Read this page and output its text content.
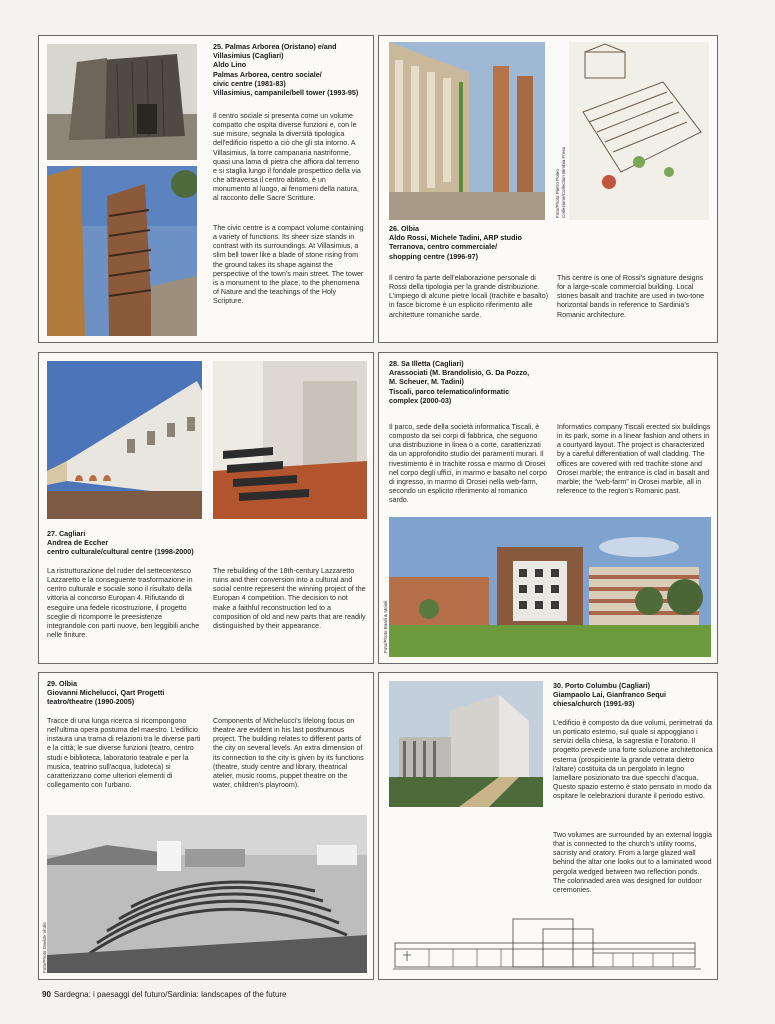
25. Palmas Arborea (Oristano) e/and
Villasimius (Cagliari)
Aldo Lino
Palmas Arborea, centro sociale/
civic centre (1981-83)
Villasimius, campanile/bell tower (1993-95)
Il centro sociale si presenta come un volume compatto che ospita diverse funzioni e, con le sue misure, segnala la diversità tipologica dell'edificio rispetto a ciò che gli sta intorno. A Villasimius, la torre campanaria nastriforme, quasi una lama di pietra che affiora dal terreno e si staglia lungo il fondale prospettico della via che attraversa il centro abitato, è un monumento al luogo, ai fenomeni della natura, al racconto delle Sacre Scritture.
The civic centre is a compact volume containing a variety of functions. Its sheer size stands in contrast with its surroundings. At Villasimius, a slim bell tower like a blade of stone rising from the ground takes its shape against the perspective of the town's main street. The tower is a monument to the place, to the phenomena of Nature and the teachings of the Holy Scripture.
Foto/Photo Pietro Poleo Collezione/Collection Bimbia Fresu
26. Olbia
Aldo Rossi, Michele Tadini, ARP studio
Terranova, centro commerciale/
shopping centre (1996-97)
Il centro fa parte dell'elaborazione personale di Rossi della tipologia per la grande distribuzione. L'impiego di alcune pietre locali (trachite e basalto) in fasce bicrome è un esplicito riferimento alle architetture romaniche sarde.
This centre is one of Rossi's signature designs for a large-scale commercial building. Local stones basalt and trachite are used in two-tone horizontal bands in reference to Sardinia's Romanic architecture.
27. Cagliari
Andrea de Eccher
centro culturale/cultural centre (1998-2000)
La ristrutturazione del ruder del settecentesco Lazzaretto e la conseguente trasformazione in centro culturale e sociale sono il risultato della vittoria al concorso Europan 4. Rifiutando di eseguire una fedele ricostruzione, il progetto sceglie di ricomporre le preesistenze integrandole con parti nuove, ben leggibili anche nelle finiture.
The rebuilding of the 18th-century Lazzaretto ruins and their conversion into a cultural and social centre represent the winning project of the Europan 4 competition. The decision to not make a faithful reconstruction led to a composition of old and new parts that are readily distinguished by their appearance.
28. Sa Illetta (Cagliari)
Arassociati (M. Brandolisio, G. Da Pozzo,
M. Scheuer, M. Tadini)
Tiscali, parco telematico/informatic
complex (2000-03)
Il parco, sede della società informatica Tiscali, è composto da sei corpi di fabbrica, che seguono una distribuzione in linea o a corte, caratterizzati da un approfondito studio dei paramenti murari. Il rivestimento è in trachite rossa e marmo di Orosei nel corpo degli uffici, in marmo e basalto nel corpo di ingresso, in marmo di Orosei nella web-farm, secondo un esplicito riferimento al romanico sardo.
Informatics company Tiscali erected six buildings in its park, some in a linear fashion and others in a courtyard layout. The project is characterized by a careful differentiation of wall cladding. The offices are covered with red trachite stone and Orosei marble; the entrance is clad in basalt and marble; the “web-farm” in Orosei marble, all in reference to the region's Romanic past.
Foto/Photo Basili & Moioli
29. Olbia
Giovanni Michelucci, Qart Progetti
teatro/theatre (1990-2005)
Tracce di una lunga ricerca si ricompongono nell'ultima opera postuma del maestro. L'edificio instaura una trama di relazioni tra le diverse parti e la città; le sue diverse funzioni (teatro, centro studi e biblioteca, laboratorio teatrale e per la musica, teatrino sull'acqua, ludoteca) si caratterizzano come ulteriori elementi di collegamento con l'urbano.
Components of Michelucci's lifelong focus on theatre are evident in his last posthumous project. The building relates to different parts of the city on several levels. An extra dimension of its connection to the city is given by its functions (theatre, study centre and library, theatrical atelier, music rooms, puppet theatre on the water, children's playroom).
Foto/Photo Davide Virdis
30. Porto Columbu (Cagliari)
Giampaolo Lai, Gianfranco Sequi
chiesa/church (1991-93)
L'edificio è composto da due volumi, perimetrati da un porticato esterno, sul quale si appoggiano i servizi della chiesa, la sagrestia e l'oratorio. Il progetto prevede una forte soluzione architettonica esterna (prospiciente la grande vetrata dietro l'altare) costituita da un pergolato in legno lamellare posizionato tra due specchi d'acqua. Questo spazio esterno è stato pensato in modo da ospitare le celebrazioni durante il periodo estivo.
Two volumes are surrounded by an external loggia that is connected to the church's utility rooms, sacristy and oratory. From a large glazed wall behind the altar one looks out to a laminated wood pergola wedged between two reflection ponds. The colonnaded area was designed for outdoor ceremonies.
90 Sardegna: i paesaggi del futuro/Sardinia: landscapes of the future
